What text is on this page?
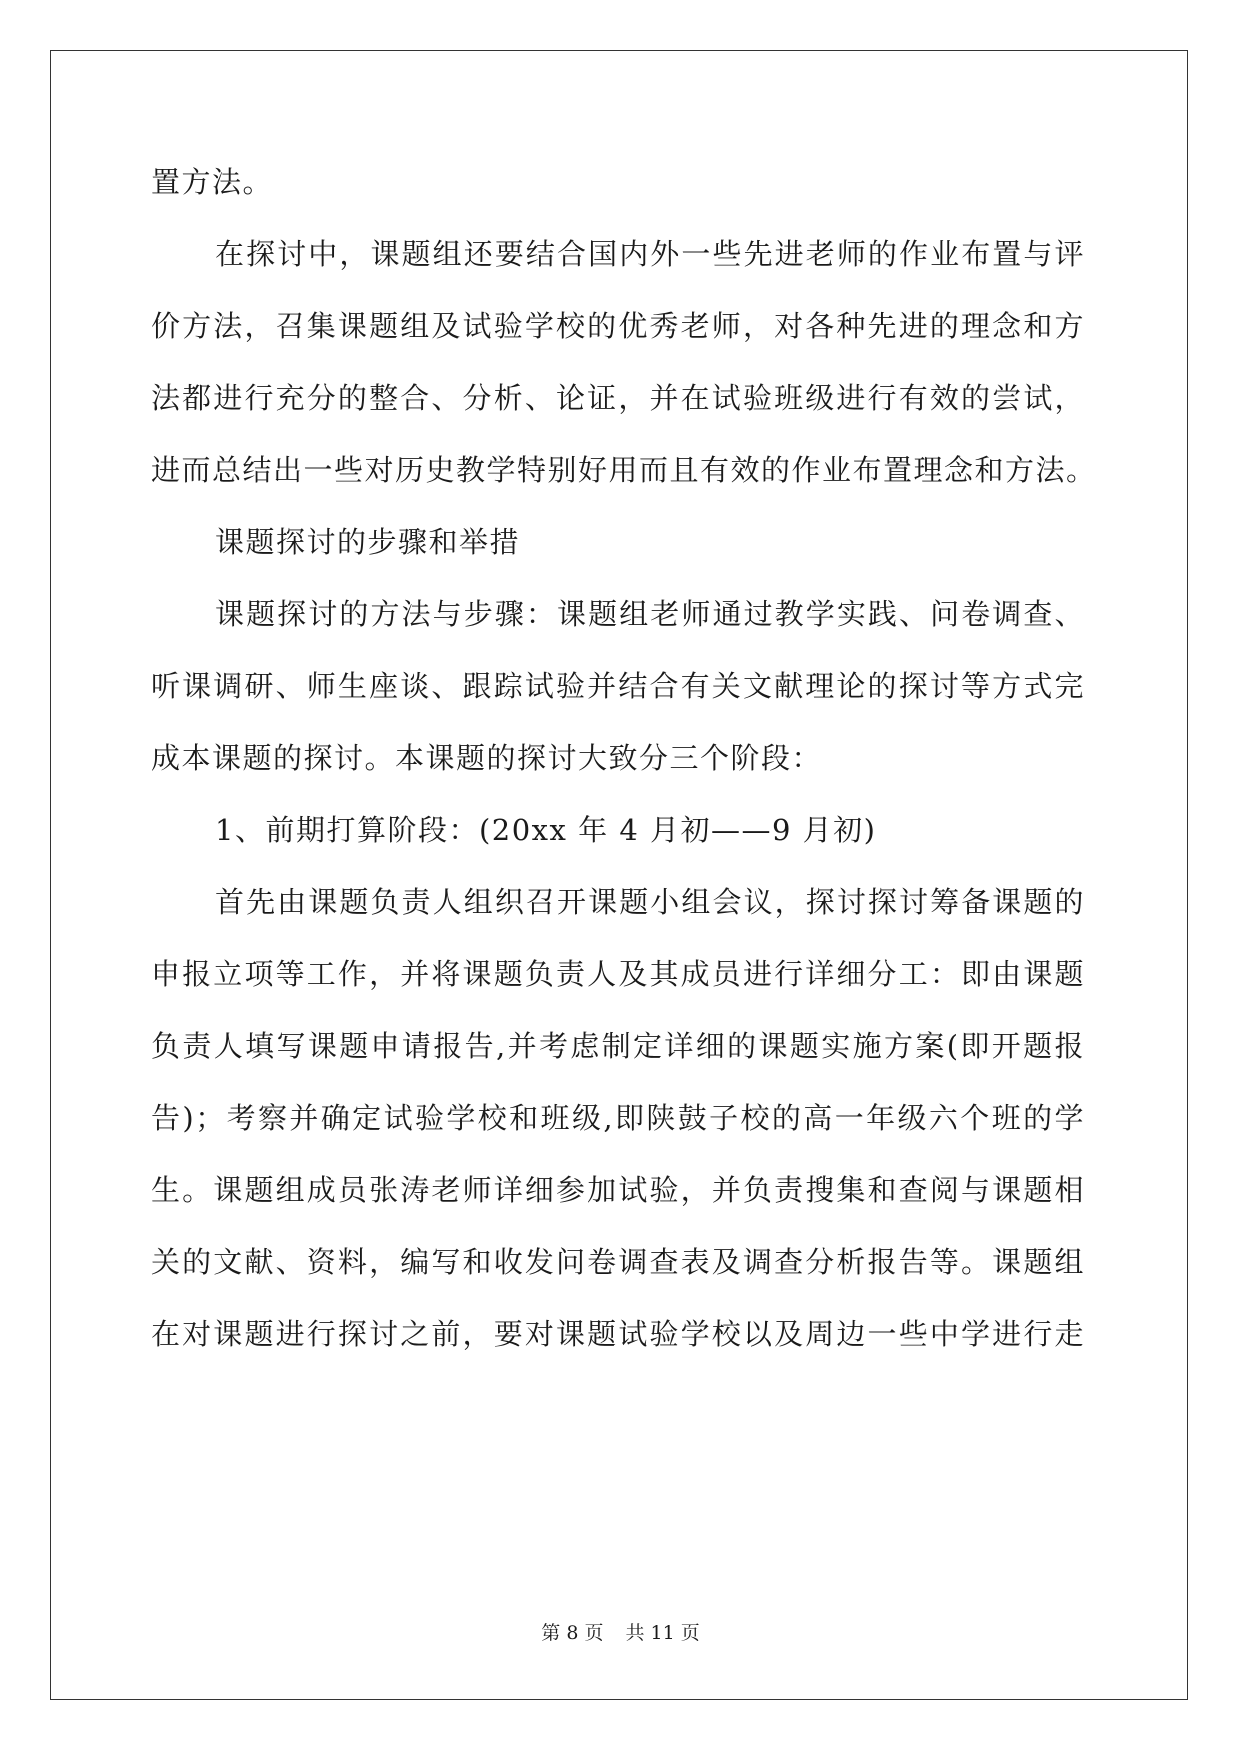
置方法。
在探讨中，课题组还要结合国内外一些先进老师的作业布置与评
价方法，召集课题组及试验学校的优秀老师，对各种先进的理念和方
法都进行充分的整合、分析、论证，并在试验班级进行有效的尝试，
进而总结出一些对历史教学特别好用而且有效的作业布置理念和方法。
课题探讨的步骤和举措
课题探讨的方法与步骤：课题组老师通过教学实践、问卷调查、
听课调研、师生座谈、跟踪试验并结合有关文献理论的探讨等方式完
成本课题的探讨。本课题的探讨大致分三个阶段：
1、前期打算阶段：(20xx 年 4 月初——9 月初)
首先由课题负责人组织召开课题小组会议，探讨探讨筹备课题的
申报立项等工作，并将课题负责人及其成员进行详细分工：即由课题
负责人填写课题申请报告,并考虑制定详细的课题实施方案(即开题报
告)；考察并确定试验学校和班级,即陕鼓子校的高一年级六个班的学
生。课题组成员张涛老师详细参加试验，并负责搜集和查阅与课题相
关的文献、资料，编写和收发问卷调查表及调查分析报告等。课题组
在对课题进行探讨之前，要对课题试验学校以及周边一些中学进行走
第 8 页 共 11 页
